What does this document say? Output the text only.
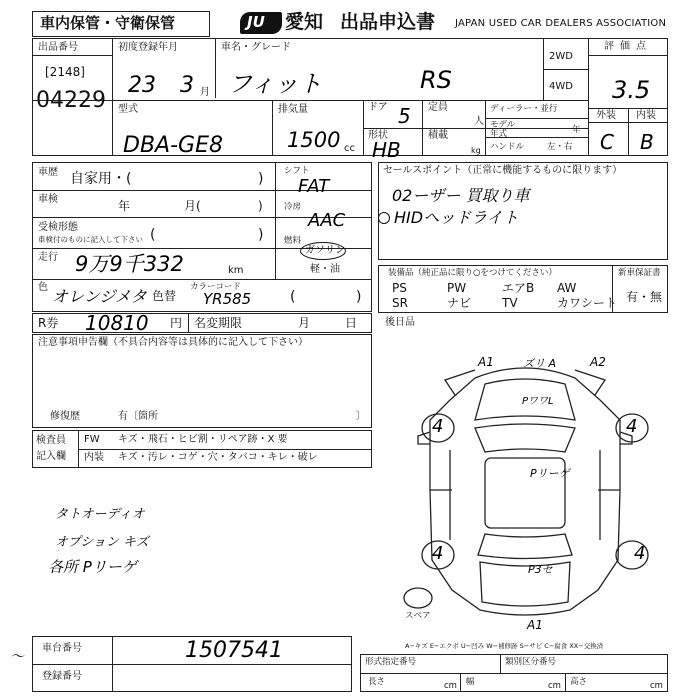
車内保管・守衛保管	JU 愛知 出品申込書 JAPAN USED CAR DEALERS ASSOCIATION
出品番号
[2148]
04229
初度登録年月
23 3 月
車名・グレード
フィット	RS
2WD
4WD
評価点
3.5
型式
DBA-GE8
排気量
1500 cc
ドア 5
形状
HB
定員
人
積載
kg
ディーラー・並行
モデル年式	年
ハンドル	左・右
外装 内装
C B
車歴 自家用・(	)
車検	年	月(	)
受検形態
車検付のものに記入して下さい (	)
走行 9万9千332	km
色 オレンジメタ 色替
カラーコード
YR585	(	)
シフト
FAT
冷房
AAC
燃料
ガソリン
軽・油
セールスポイント（正常に機能するものに限ります）
02ーザー 買取り車
HIDヘッドライト
装備品（純正品に限り○をつけてください）	新車保証書
有・無
PS	PW	エアB AW
SR	ナビ	TV	カワシート
R券 10810 円 名変期限	月	日	後日品
注意事項申告欄（不具合内容等は具体的に記入して下さい）
修復歴	有〔箇所	〕
検査員
記入欄
FW キズ・飛石・ヒビ割・リペア跡・X 要
内装 キズ・汚レ・コゲ・穴・タバコ・キレ・破レ
タトオーディオ
オプション キズ
各所 Pリーゲ
A1	ズリ A	A2
PワワL
Pリーゲ
P3セ
A1
4	4
4	4
スペア
車台番号	1507541
登録番号
〜
A−キズ E−エクボ U−凹み W−補修跡 S−サビ C−腐食 XX−交換済
形式指定番号	類別区分番号
長さ	cm 幅	cm 高さ	cm
